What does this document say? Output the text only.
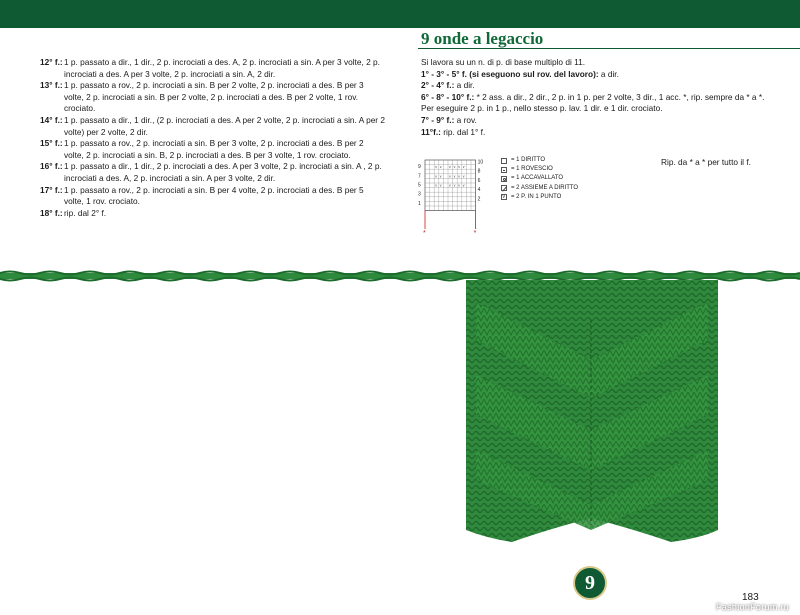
12° f.: 1 p. passato a dir., 1 dir., 2 p. incrociati a des. A, 2 p. incrociati a sin. A per 3 volte, 2 p. incrociati a des. A per 3 volte, 2 p. incrociati a sin. A, 2 dir.
13° f.: 1 p. passato a rov., 2 p. incrociati a sin. B per 2 volte, 2 p. incrociati a des. B per 3 volte, 2 p. incrociati a sin. B per 2 volte, 2 p. incrociati a des. B per 2 volte, 1 rov. crociato.
14° f.: 1 p. passato a dir., 1 dir., (2 p. incrociati a des. A per 2 volte, 2 p. incrociati a sin. A per 2 volte) per 2 volte, 2 dir.
15° f.: 1 p. passato a rov., 2 p. incrociati a sin. B per 3 volte, 2 p. incrociati a des. B per 2 volte, 2 p. incrociati a sin. B, 2 p. incrociati a des. B per 3 volte, 1 rov. crociato.
16° f.: 1 p. passato a dir., 1 dir., 2 p. incrociati a des. A per 3 volte, 2 p. incrociati a sin. A , 2 p. incrociati a des. A, 2 p. incrociati a sin. A per 3 volte, 2 dir.
17° f.: 1 p. passato a rov., 2 p. incrociati a sin. B per 4 volte, 2 p. incrociati a des. B per 5 volte, 1 rov. crociato.
18° f.: rip. dal 2° f.
9 onde a legaccio

Si lavora su un n. di p. di base multiplo di 11.

1° - 3° - 5° f. (si eseguono sul rov. del lavoro): a dir.

2° - 4° f.: a dir.

6° - 8° - 10° f.: * 2 ass. a dir., 2 dir., 2 p. in 1 p. per 2 volte, 3 dir., 1 acc. *, rip. sempre da * a *.

Per eseguire 2 p. in 1 p., nello stesso p. lav. 1 dir. e 1 dir. crociato.

7° - 9° f.: a rov.

11°f.: rip. dal 1° f.

v v v v v v
v v v v v v
v v v v v v
9
7
5
3
1
10
8
6
4
2
*	*
= 1 DIRITTO
= 1 ROVESCIO
= 1 ACCAVALLATO
= 2 ASSIEME A DIRITTO
v = 2 P. IN 1 PUNTO
Rip. da * a * per tutto il f.
9
183
FashionForum.ru
